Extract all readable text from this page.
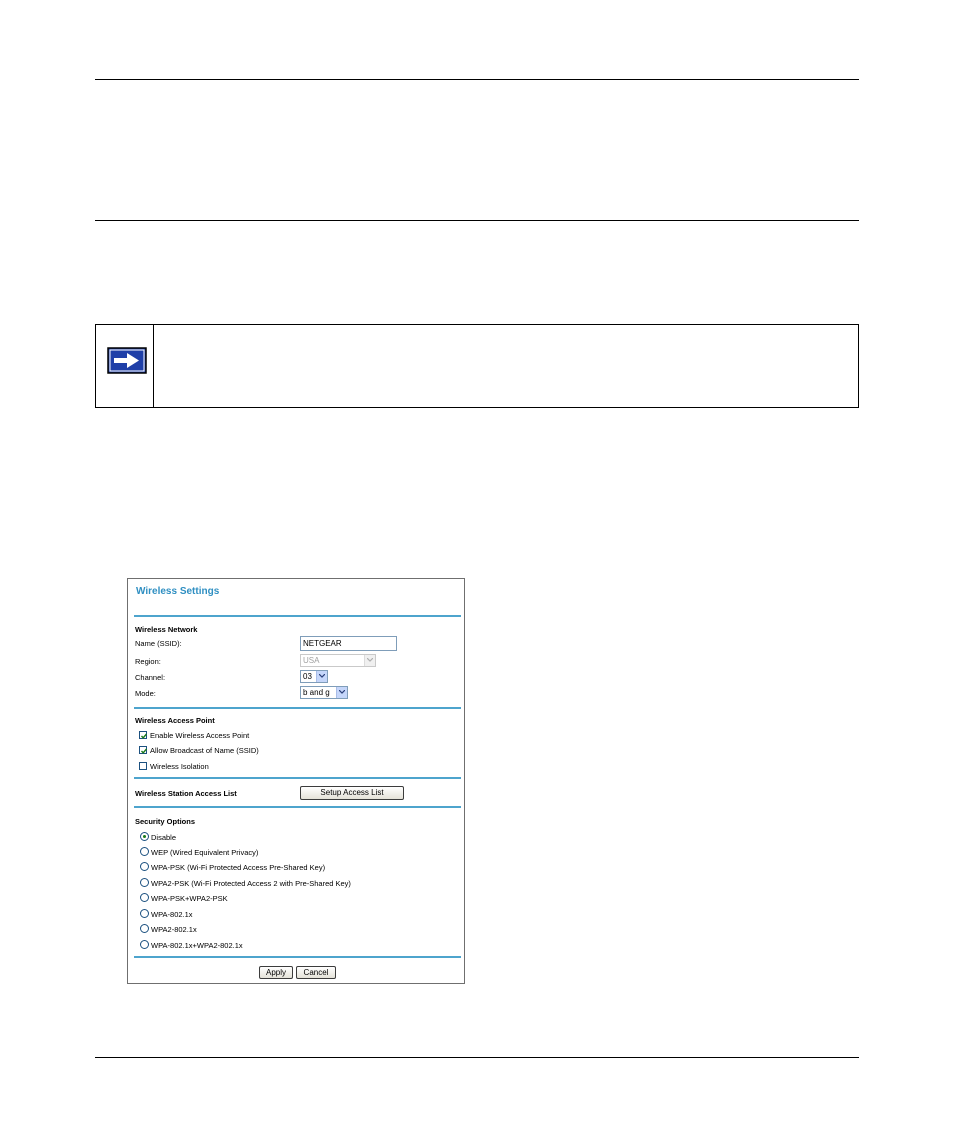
Wireless Settings
Wireless Network
Name (SSID):	NETGEAR
Region:	USA
Channel:	03
Mode:	b and g
Wireless Access Point
Enable Wireless Access Point
Allow Broadcast of Name (SSID)
Wireless Isolation
Wireless Station Access List	Setup Access List
Security Options
Disable
WEP (Wired Equivalent Privacy)
WPA-PSK (Wi-Fi Protected Access Pre-Shared Key)
WPA2-PSK (Wi-Fi Protected Access 2 with Pre-Shared Key)
WPA-PSK+WPA2-PSK
WPA-802.1x
WPA2-802.1x
WPA-802.1x+WPA2-802.1x
Apply	Cancel
